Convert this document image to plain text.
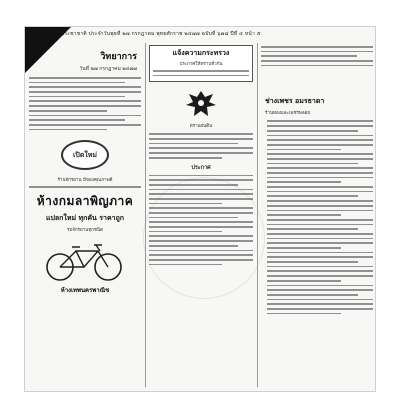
ประชาชาติ ประจำวันพุธที่ ๒๗ กรกฎาคม พุทธศักราช ๒๔๗๗ ฉบับที่ ๖๗๘ ปีที่ ๔ หน้า ๕
วิทยาการ
วันที่ ๒๗ กรกฎาคม ๒๔๗๗
เปิดใหม่
ร้านจักรยาน มีของคุณภาพดี
ห้างกมลาพิญภาค
แปลกใหม่ ทุกคัน ราคาถูก
รถจักรยานทุกชนิด
ห้างเทพนครพาณิช
แจ้งความกระทรวง
ประกาศให้ทราบทั่วกัน
ตราแผ่นดิน
ประกาศ
ช่างเพชร อมรธาดา
ร้านทองและเพชรพลอย
